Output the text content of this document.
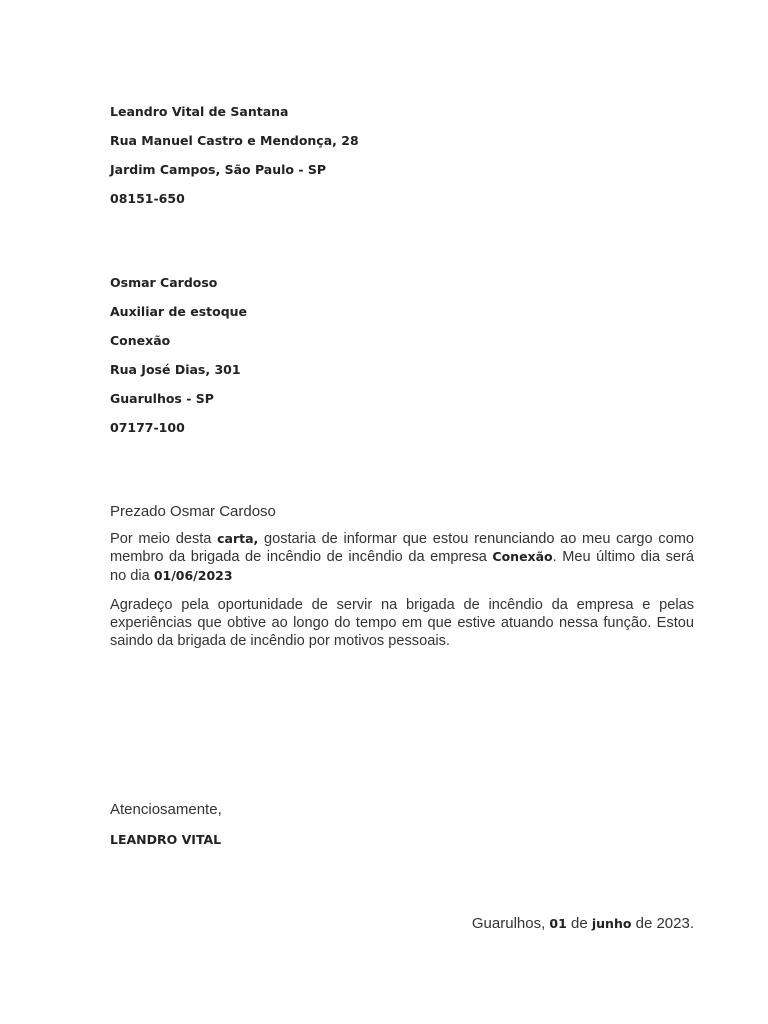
Leandro Vital de Santana
Rua Manuel Castro e Mendonça, 28
Jardim Campos, São Paulo - SP
08151-650
Osmar Cardoso
Auxiliar de estoque
Conexão
Rua José Dias, 301
Guarulhos - SP
07177-100
Prezado Osmar Cardoso

Por meio desta carta, gostaria de informar que estou renunciando ao meu cargo como membro da brigada de incêndio de incêndio da empresa Conexão. Meu último dia será no dia 01/06/2023

Agradeço pela oportunidade de servir na brigada de incêndio da empresa e pelas experiências que obtive ao longo do tempo em que estive atuando nessa função. Estou saindo da brigada de incêndio por motivos pessoais.

Atenciosamente,
LEANDRO VITAL
Guarulhos, 01 de junho de 2023.
